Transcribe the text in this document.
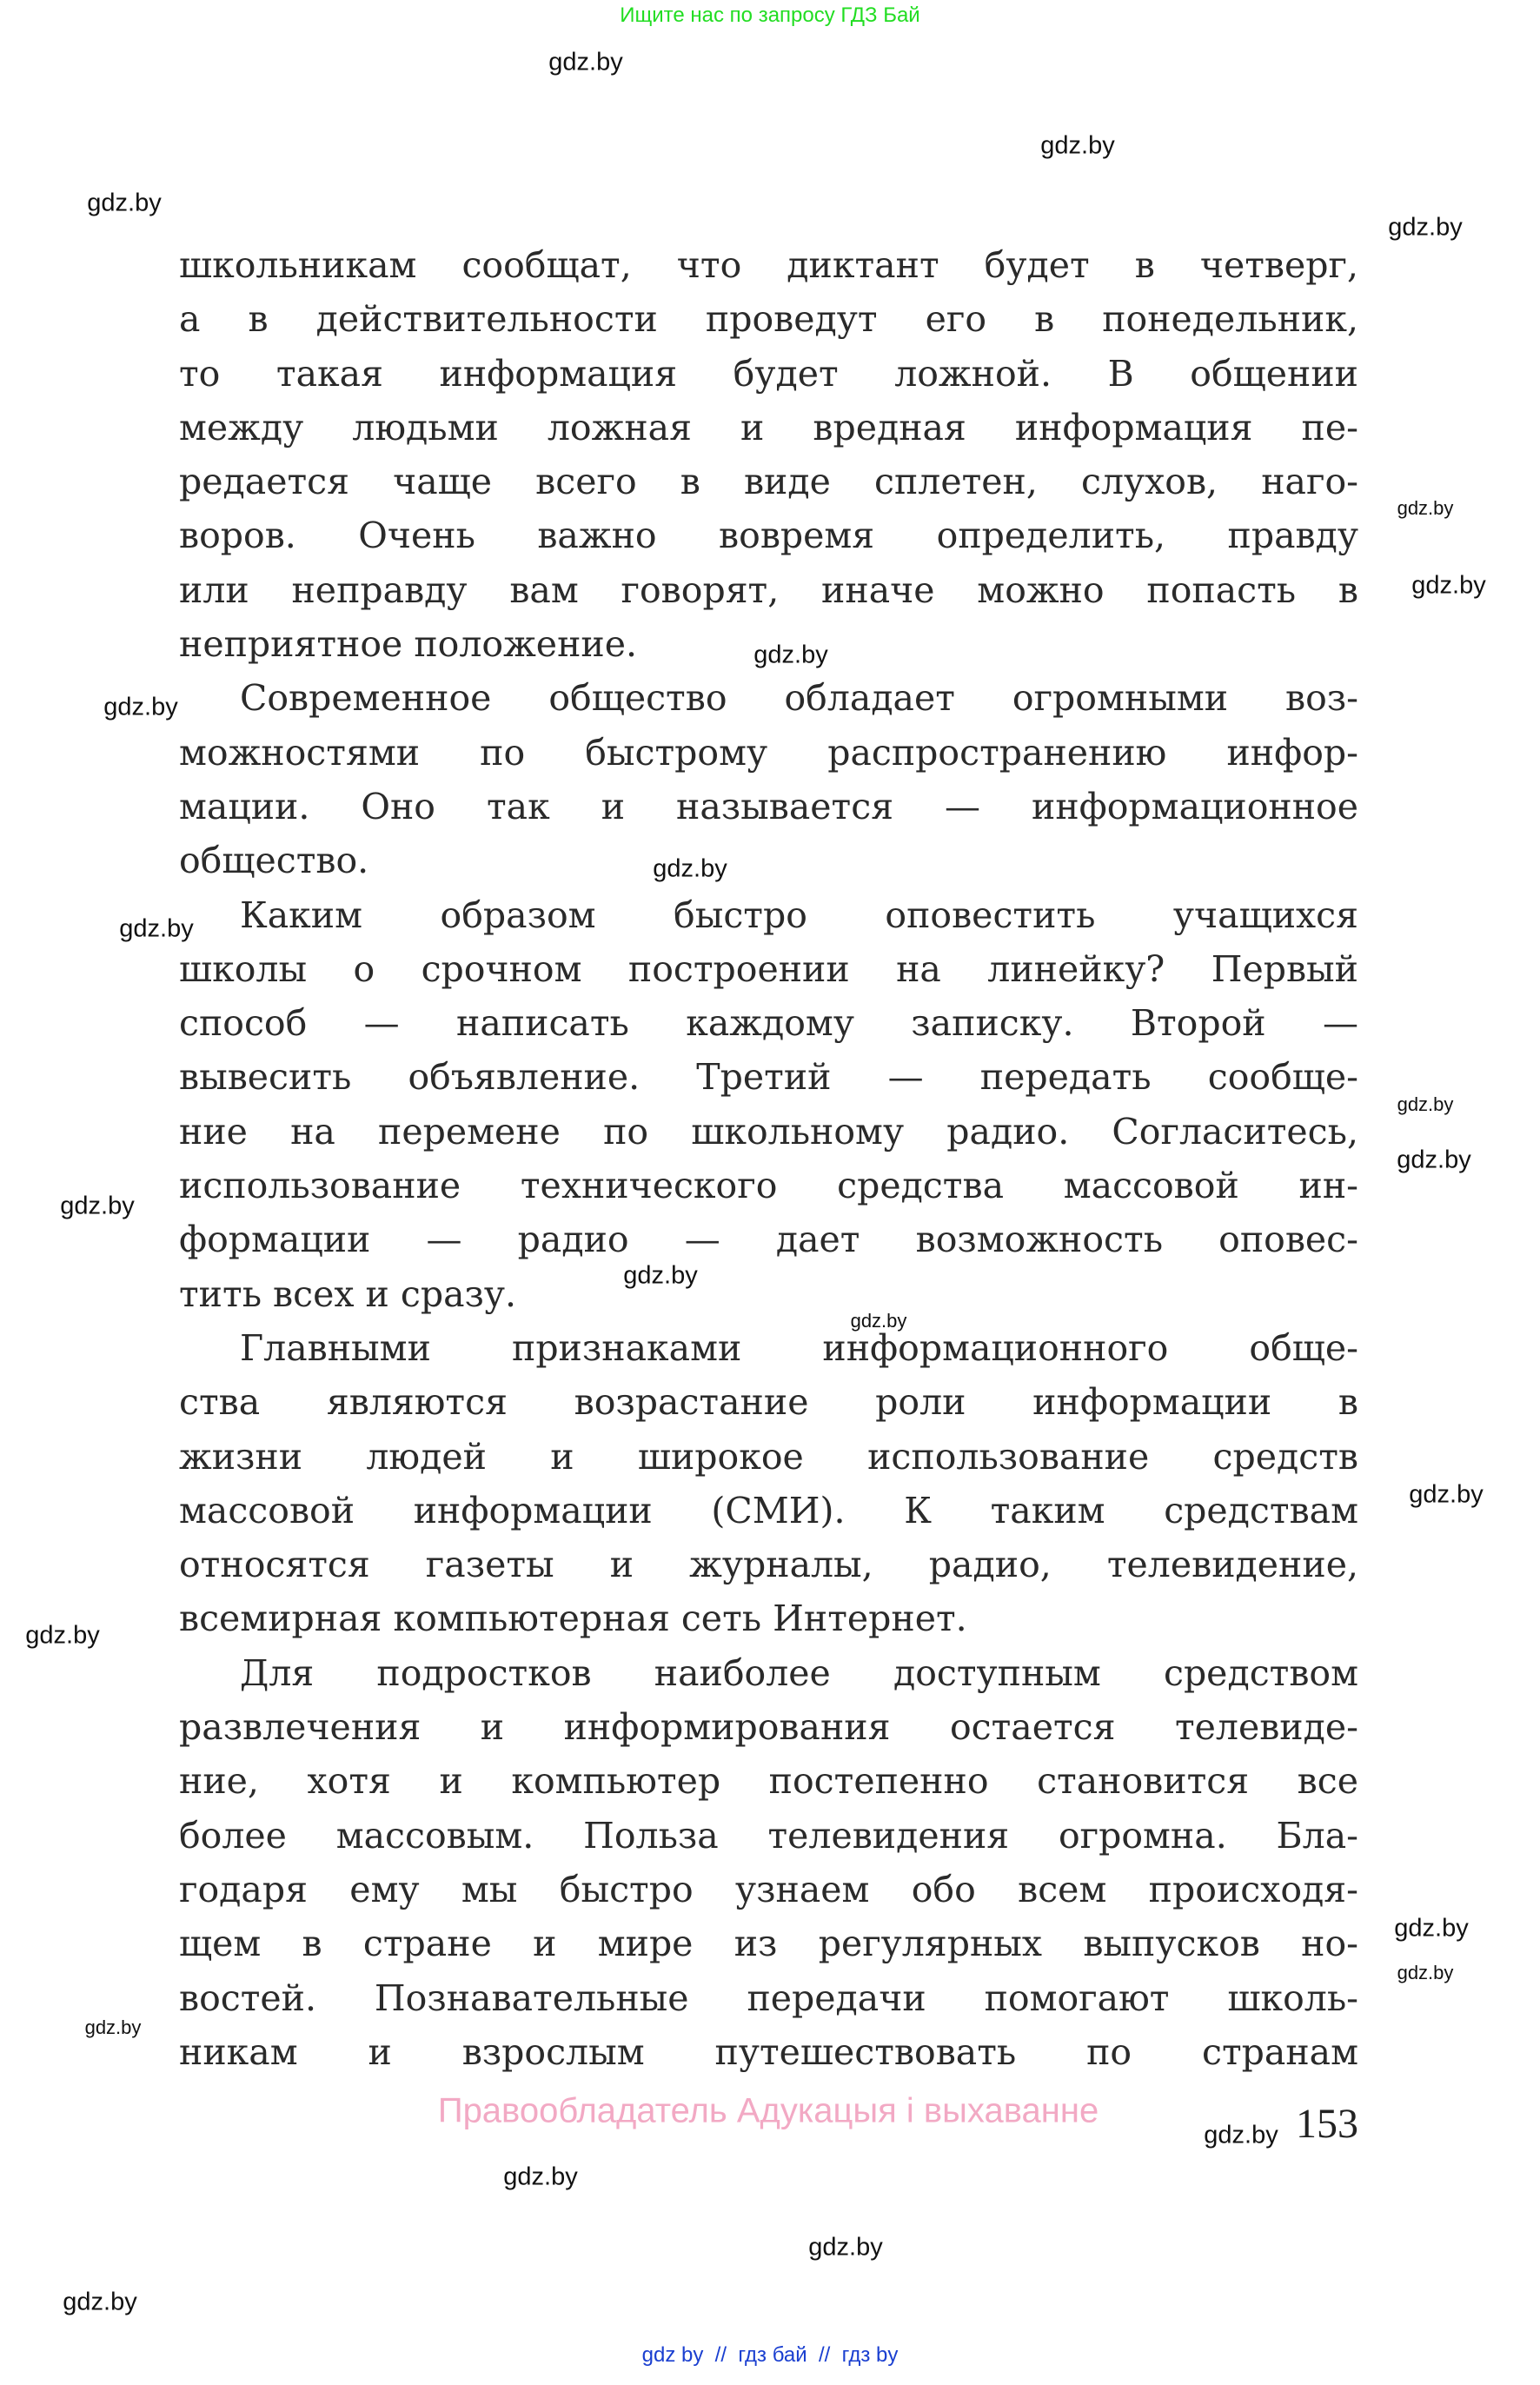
Ищите нас по запросу ГДЗ Бай
школьникам сообщат, что диктант будет в четверг,
а в действительности проведут его в понедельник,
то такая информация будет ложной. В общении
между людьми ложная и вредная информация пе-
редается чаще всего в виде сплетен, слухов, наго-
воров. Очень важно вовремя определить, правду
или неправду вам говорят, иначе можно попасть в
неприятное положение.
Современное общество обладает огромными воз-
можностями по быстрому распространению инфор-
мации. Оно так и называется — информационное
общество.
Каким образом быстро оповестить учащихся
школы о срочном построении на линейку? Первый
способ — написать каждому записку. Второй —
вывесить объявление. Третий — передать сообще-
ние на перемене по школьному радио. Согласитесь,
использование технического средства массовой ин-
формации — радио — дает возможность оповес-
тить всех и сразу.
Главными признаками информационного обще-
ства являются возрастание роли информации в
жизни людей и широкое использование средств
массовой информации (СМИ). К таким средствам
относятся газеты и журналы, радио, телевидение,
всемирная компьютерная сеть Интернет.
Для подростков наиболее доступным средством
развлечения и информирования остается телевиде-
ние, хотя и компьютер постепенно становится все
более массовым. Польза телевидения огромна. Бла-
годаря ему мы быстро узнаем обо всем происходя-
щем в стране и мире из регулярных выпусков но-
востей. Познавательные передачи помогают школь-
никам и взрослым путешествовать по странам
gdz.by
gdz.by
gdz.by
gdz.by
gdz.by
gdz.by
gdz.by
gdz.by
gdz.by
gdz.by
gdz.by
gdz.by
gdz.by
gdz.by
gdz.by
gdz.by
gdz.by
gdz.by
gdz.by
gdz.by
gdz.by
gdz.by
gdz.by
gdz.by
Правообладатель Адукацыя і выхаванне	153
gdz by  //  гдз бай  //  гдз by
